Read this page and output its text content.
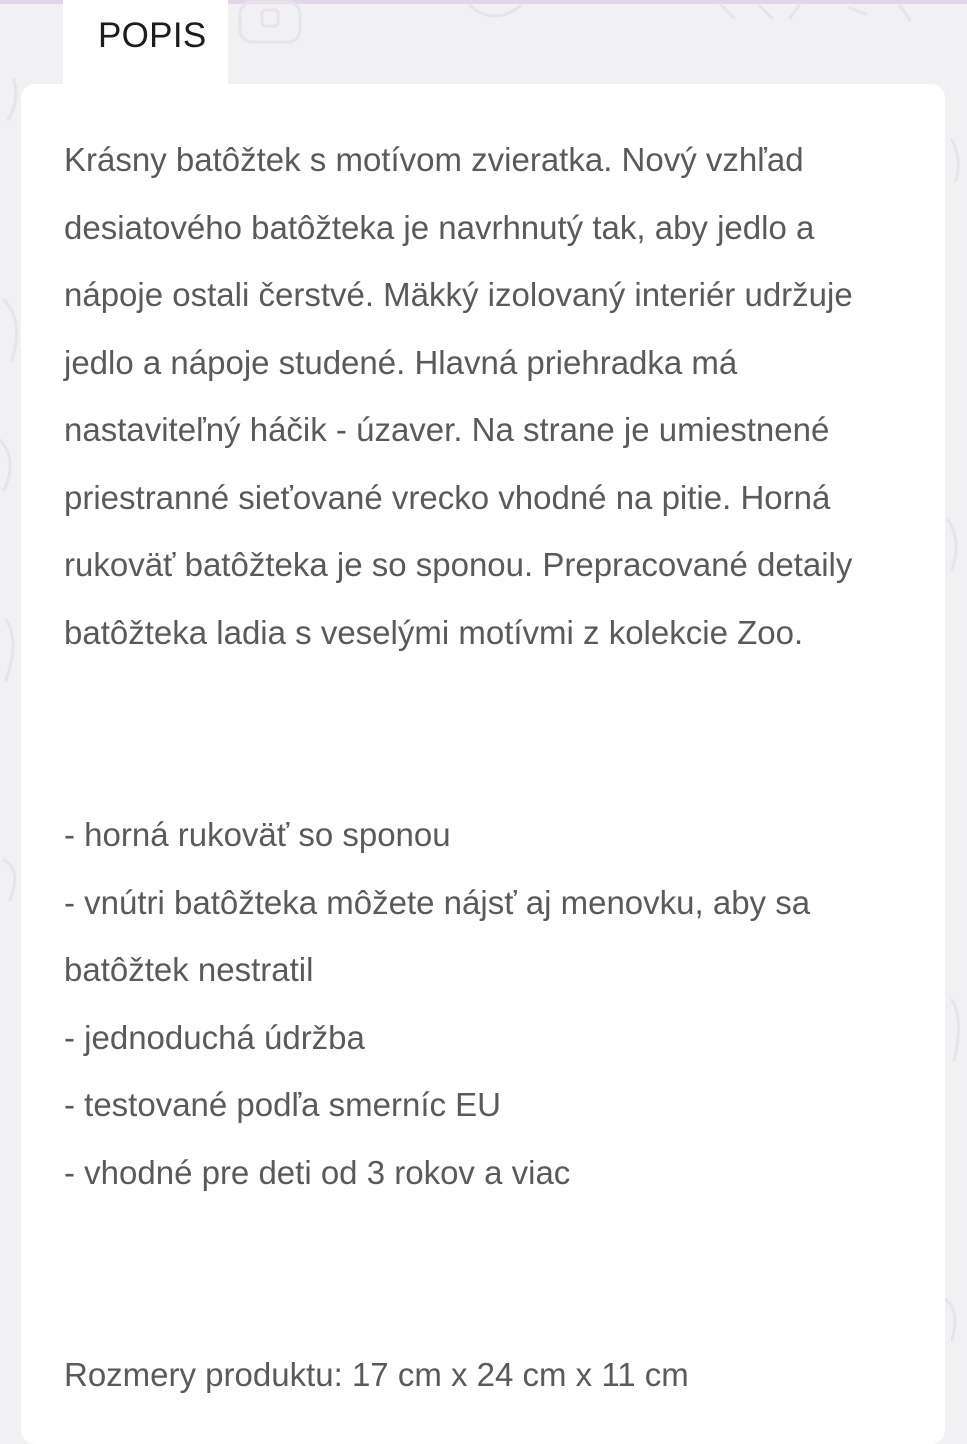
POPIS

Krásny batôžtek s motívom zvieratka. Nový vzhľad desiatového batôžteka je navrhnutý tak, aby jedlo a nápoje ostali čerstvé. Mäkký izolovaný interiér udržuje jedlo a nápoje studené. Hlavná priehradka má nastaviteľný háčik - úzaver. Na strane je umiestnené priestranné sieťované vrecko vhodné na pitie. Horná rukoväť batôžteka je so sponou. Prepracované detaily batôžteka ladia s veselými motívmi z kolekcie Zoo.

- horná rukoväť so sponou
- vnútri batôžteka môžete nájsť aj menovku, aby sa batôžtek nestratil
- jednoduchá údržba
- testované podľa smerníc EU
- vhodné pre deti od 3 rokov a viac

Rozmery produktu: 17 cm x 24 cm x 11 cm
